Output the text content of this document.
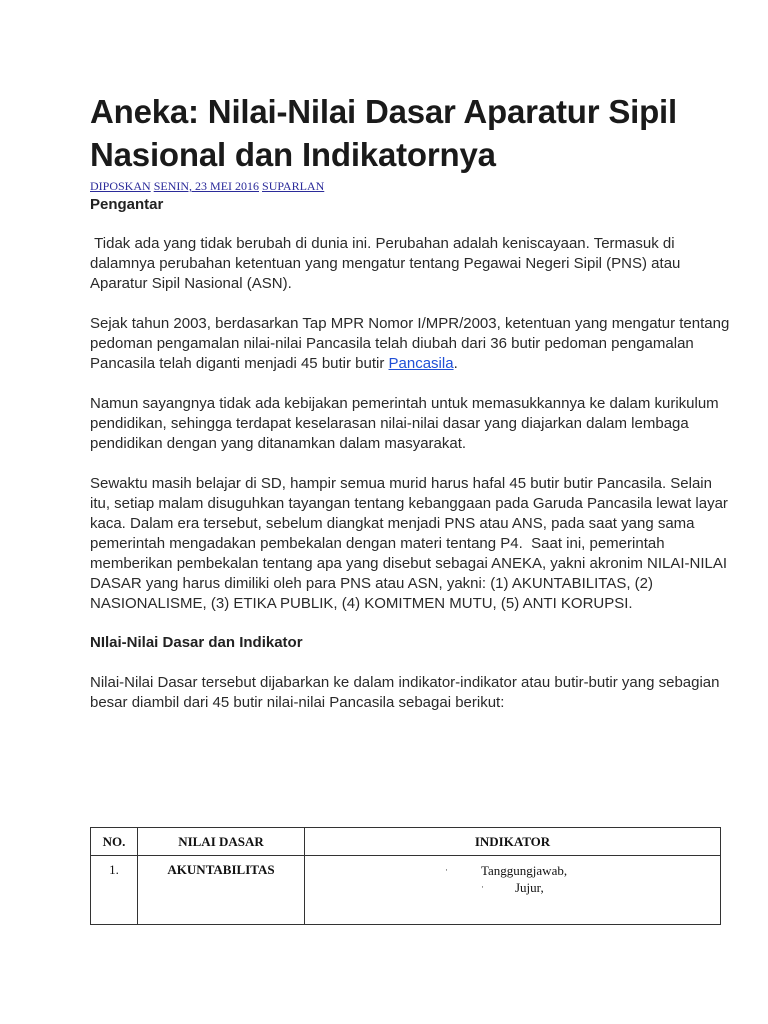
Aneka: Nilai-Nilai Dasar Aparatur Sipil Nasional dan Indikatornya
DIPOSKAN SENIN, 23 MEI 2016 SUPARLAN
Pengantar

Tidak ada yang tidak berubah di dunia ini. Perubahan adalah keniscayaan. Termasuk di dalamnya perubahan ketentuan yang mengatur tentang Pegawai Negeri Sipil (PNS) atau Aparatur Sipil Nasional (ASN).

Sejak tahun 2003, berdasarkan Tap MPR Nomor I/MPR/2003, ketentuan yang mengatur tentang pedoman pengamalan nilai-nilai Pancasila telah diubah dari 36 butir pedoman pengamalan Pancasila telah diganti menjadi 45 butir butir Pancasila.

Namun sayangnya tidak ada kebijakan pemerintah untuk memasukkannya ke dalam kurikulum pendidikan, sehingga terdapat keselarasan nilai-nilai dasar yang diajarkan dalam lembaga pendidikan dengan yang ditanamkan dalam masyarakat.

Sewaktu masih belajar di SD, hampir semua murid harus hafal 45 butir butir Pancasila. Selain itu, setiap malam disuguhkan tayangan tentang kebanggaan pada Garuda Pancasila lewat layar kaca. Dalam era tersebut, sebelum diangkat menjadi PNS atau ANS, pada saat yang sama pemerintah mengadakan pembekalan dengan materi tentang P4.  Saat ini, pemerintah memberikan pembekalan tentang apa yang disebut sebagai ANEKA, yakni akronim NILAI-NILAI DASAR yang harus dimiliki oleh para PNS atau ASN, yakni: (1) AKUNTABILITAS, (2) NASIONALISME, (3) ETIKA PUBLIK, (4) KOMITMEN MUTU, (5) ANTI KORUPSI.

NIlai-Nilai Dasar dan Indikator

Nilai-Nilai Dasar tersebut dijabarkan ke dalam indikator-indikator atau butir-butir yang sebagian besar diambil dari 45 butir nilai-nilai Pancasila sebagai berikut:

NO.	NILAI DASAR	INDIKATOR
1.	AKUNTABILITAS	· Tanggungjawab,
· Jujur,
